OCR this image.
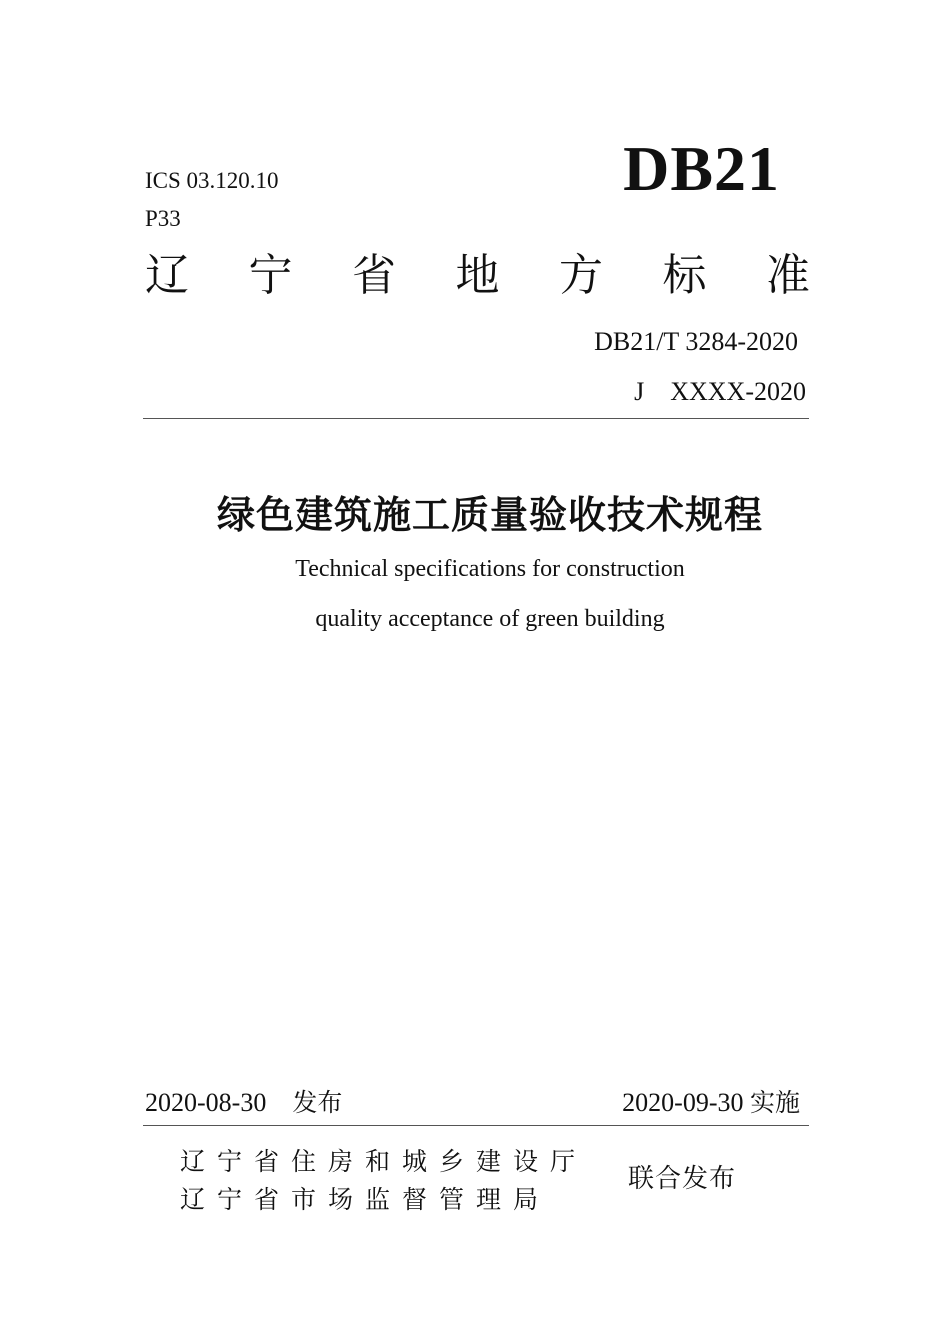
ICS 03.120.10
P33
DB21
辽 宁 省 地 方 标 准
DB21/T 3284-2020
J    XXXX-2020
绿色建筑施工质量验收技术规程
Technical specifications for construction
quality acceptance of green building
2020-08-30 发布	2020-09-30 实施
辽宁省住房和城乡建设厅
辽宁省市场监督管理局
联合发布
